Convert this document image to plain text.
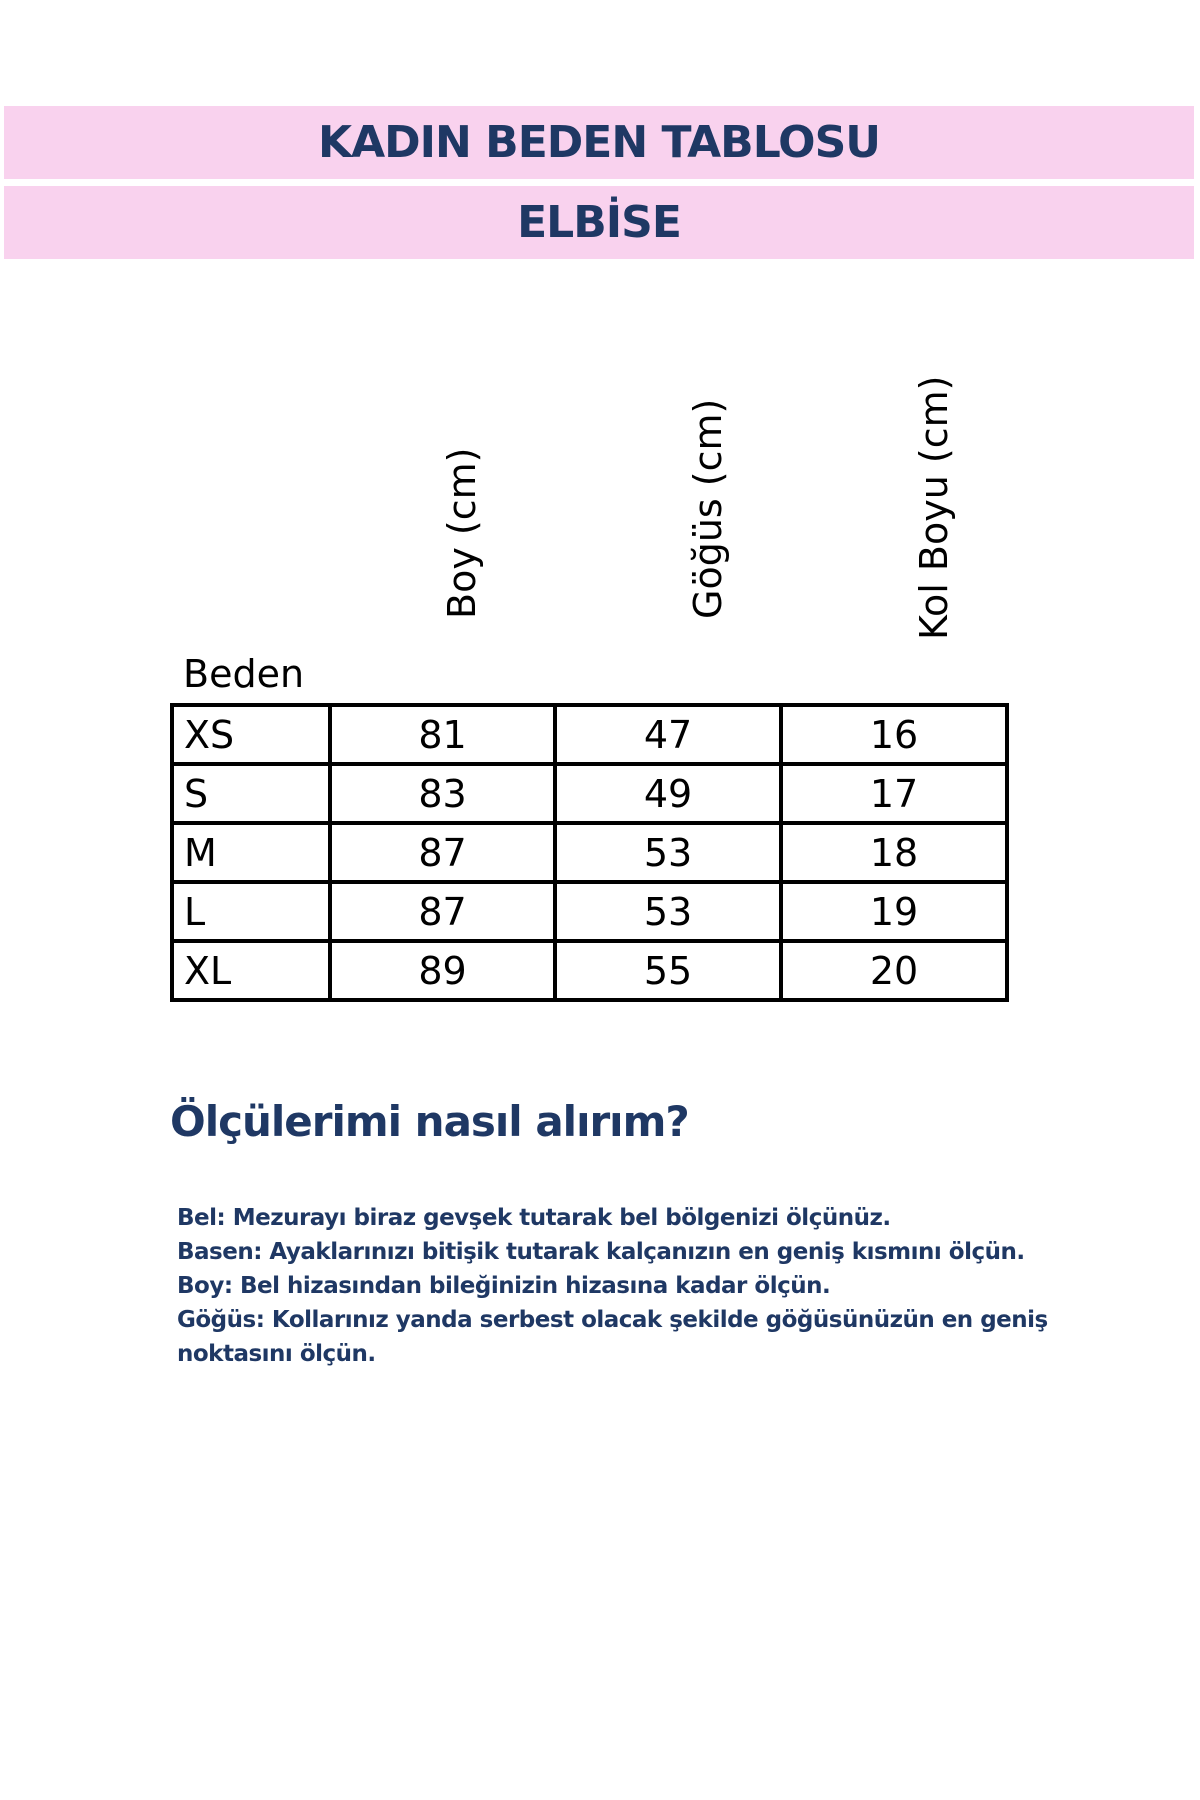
KADIN BEDEN TABLOSU
ELBİSE
Boy (cm)	Göğüs (cm)	Kol Boyu (cm)
Beden
XS	81	47	16
S	83	49	17
M	87	53	18
L	87	53	19
XL	89	55	20
Ölçülerimi nasıl alırım?

Bel: Mezurayı biraz gevşek tutarak bel bölgenizi ölçünüz.

Basen: Ayaklarınızı bitişik tutarak kalçanızın en geniş kısmını ölçün.

Boy: Bel hizasından bileğinizin hizasına kadar ölçün.

Göğüs: Kollarınız yanda serbest olacak şekilde göğüsünüzün en geniş noktasını ölçün.
